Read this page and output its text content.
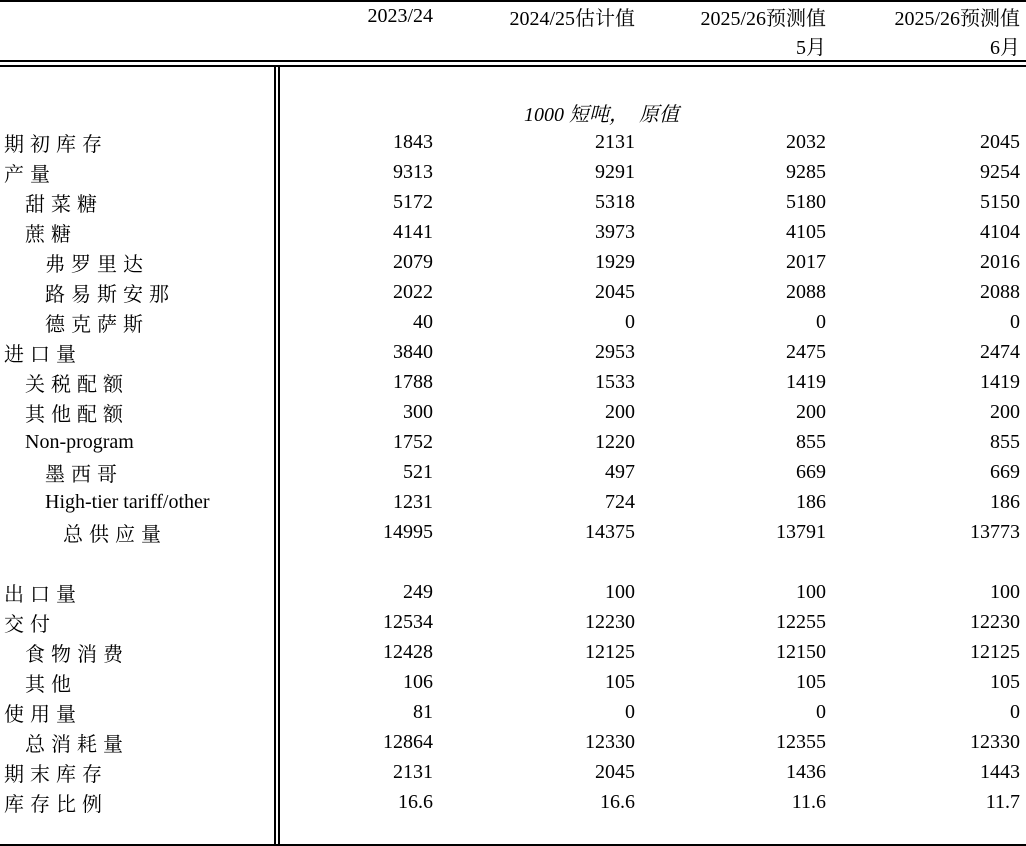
	2023/24	2024/25估计值	2025/26预测值	2025/26预测值
			5月	6月

	1000 短吨，　原值			
期初库存	1843	2131	2032	2045
产量	9313	9291	9285	9254
甜菜糖	5172	5318	5180	5150
蔗糖	4141	3973	4105	4104
弗罗里达	2079	1929	2017	2016
路易斯安那	2022	2045	2088	2088
德克萨斯	40	0	0	0
进口量	3840	2953	2475	2474
关税配额	1788	1533	1419	1419
其他配额	300	200	200	200
Non-program	1752	1220	855	855
墨西哥	521	497	669	669
High-tier tariff/other	1231	724	186	186
总供应量	14995	14375	13791	13773

出口量	249	100	100	100
交付	12534	12230	12255	12230
食物消费	12428	12125	12150	12125
其他	106	105	105	105
使用量	81	0	0	0
总消耗量	12864	12330	12355	12330
期末库存	2131	2045	1436	1443
库存比例	16.6	16.6	11.6	11.7
